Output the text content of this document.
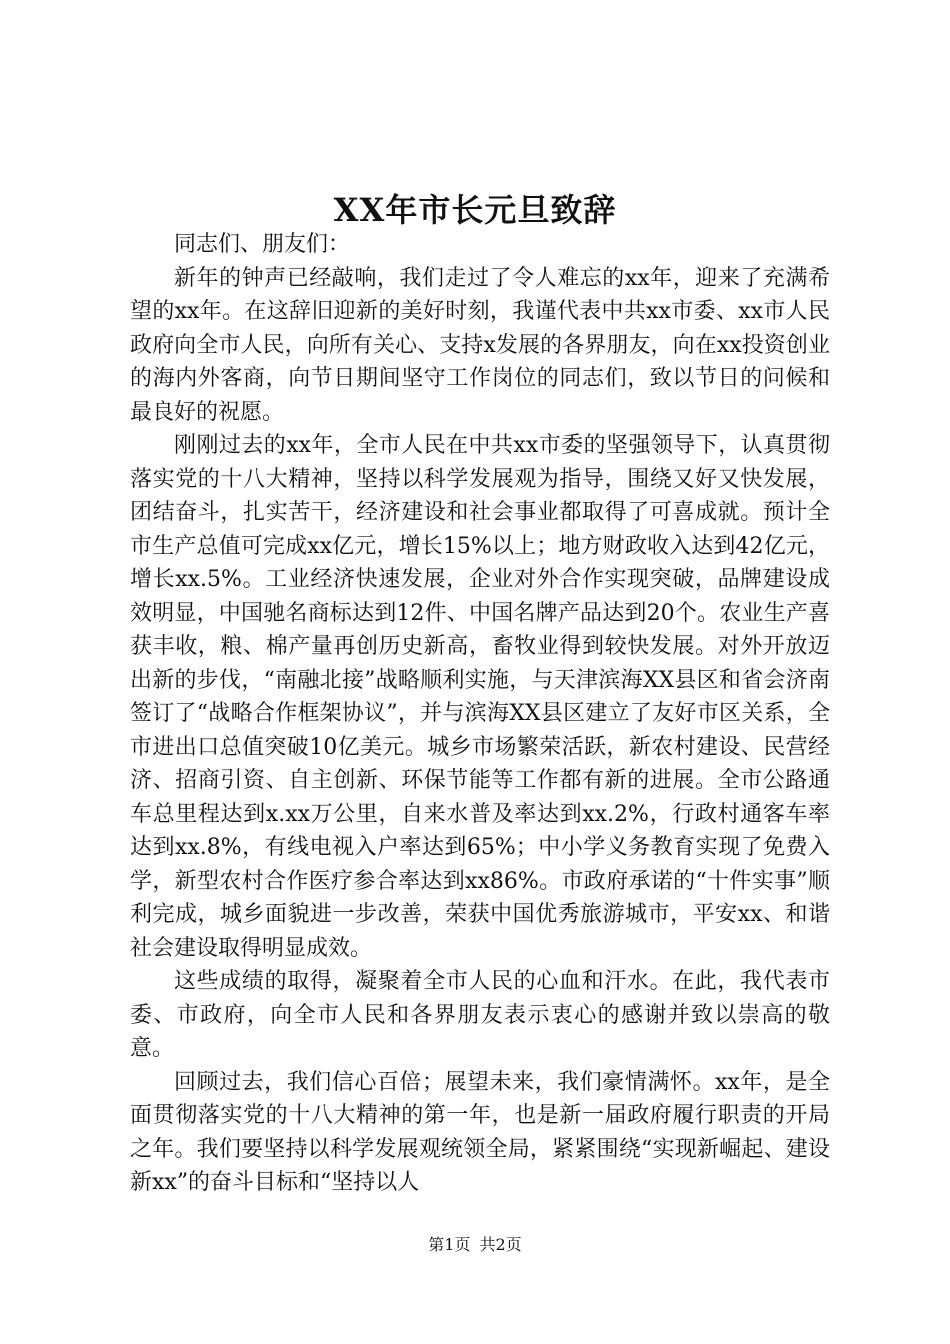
XX年市长元旦致辞

同志们、朋友们：

新年的钟声已经敲响，我们走过了令人难忘的xx年，迎来了充满希望的xx年。在这辞旧迎新的美好时刻，我谨代表中共xx市委、xx市人民政府向全市人民，向所有关心、支持x发展的各界朋友，向在xx投资创业的海内外客商，向节日期间坚守工作岗位的同志们，致以节日的问候和最良好的祝愿。

刚刚过去的xx年，全市人民在中共xx市委的坚强领导下，认真贯彻落实党的十八大精神，坚持以科学发展观为指导，围绕又好又快发展，团结奋斗，扎实苦干，经济建设和社会事业都取得了可喜成就。预计全市生产总值可完成xx亿元，增长15%以上；地方财政收入达到42亿元，增长xx.5%。工业经济快速发展，企业对外合作实现突破，品牌建设成效明显，中国驰名商标达到12件、中国名牌产品达到20个。农业生产喜获丰收，粮、棉产量再创历史新高，畜牧业得到较快发展。对外开放迈出新的步伐，“南融北接”战略顺利实施，与天津滨海XX县区和省会济南签订了“战略合作框架协议”，并与滨海XX县区建立了友好市区关系，全市进出口总值突破10亿美元。城乡市场繁荣活跃，新农村建设、民营经济、招商引资、自主创新、环保节能等工作都有新的进展。全市公路通车总里程达到x.xx万公里，自来水普及率达到xx.2%，行政村通客车率达到xx.8%，有线电视入户率达到65%；中小学义务教育实现了免费入学，新型农村合作医疗参合率达到xx86%。市政府承诺的“十件实事”顺利完成，城乡面貌进一步改善，荣获中国优秀旅游城市，平安xx、和谐社会建设取得明显成效。

这些成绩的取得，凝聚着全市人民的心血和汗水。在此，我代表市委、市政府，向全市人民和各界朋友表示衷心的感谢并致以崇高的敬意。

回顾过去，我们信心百倍；展望未来，我们豪情满怀。xx年，是全面贯彻落实党的十八大精神的第一年，也是新一届政府履行职责的开局之年。我们要坚持以科学发展观统领全局，紧紧围绕“实现新崛起、建设新xx”的奋斗目标和“坚持以人

第1页 共2页
